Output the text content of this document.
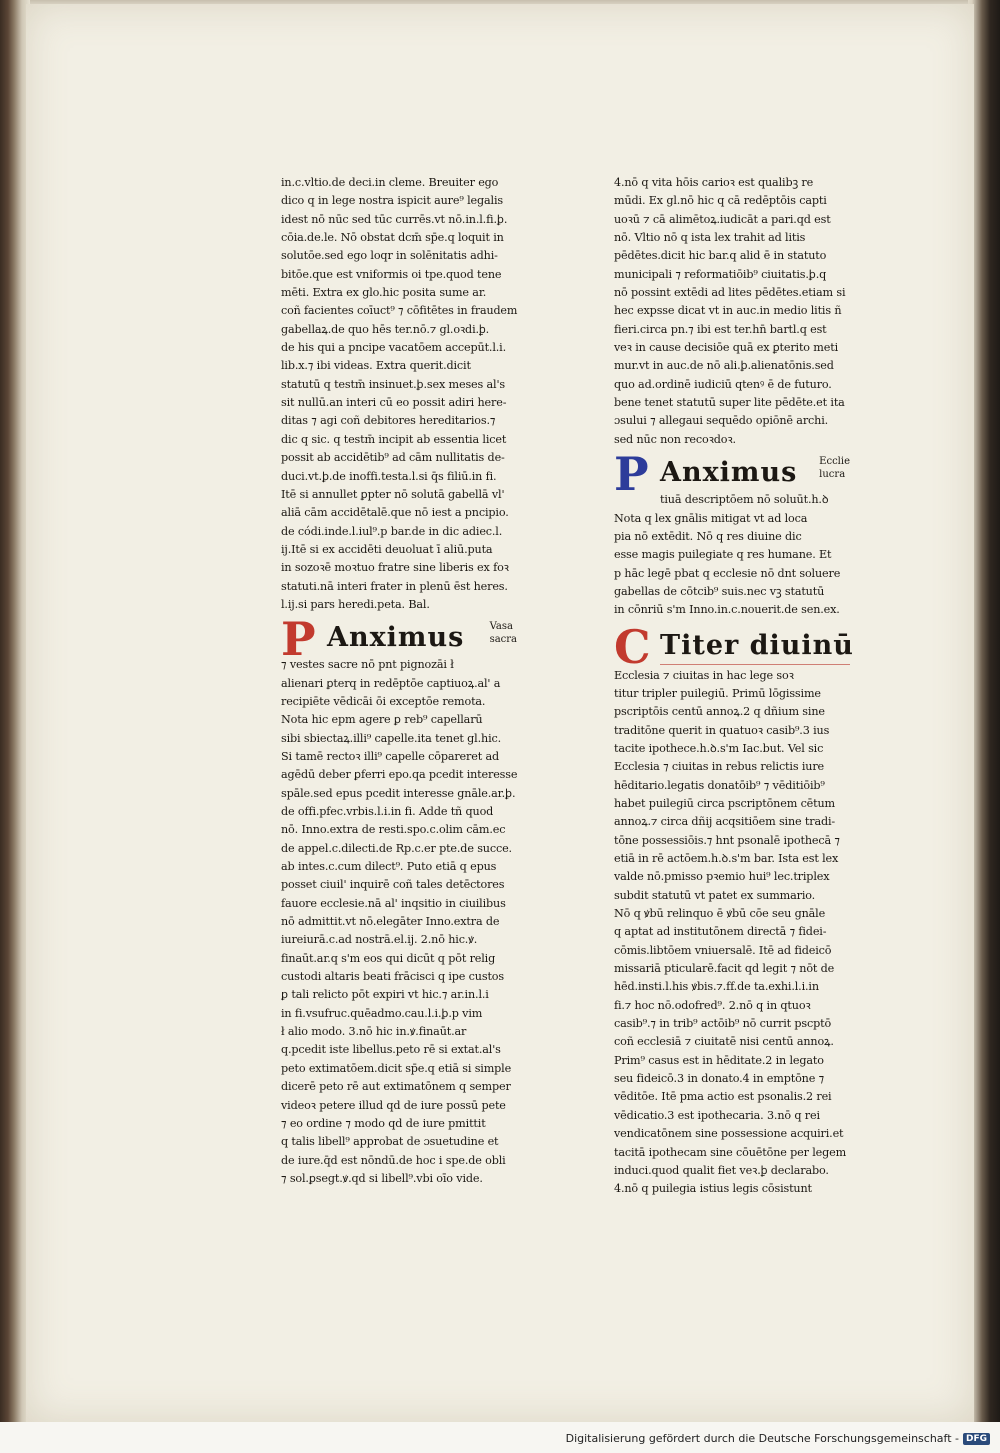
in.c.vltio.de deci.in cleme. Breuiter ego
dico q in lege nostra ispicit aure⁹ legalis
idest nō nūc sed tūc currēs.vt nō.in.l.fi.ꝧ.
cōia.de.le. Nō obstat dcm̄ sp̄e.q loquit in
solutōe.sed ego loqr in solēnitatis adhi-
bitōe.que est vniformis oi tpe.quod tene
mēti. Extra ex glo.hic posita sume ar.
coñ facientes coīuct⁹ ⁊ cōfitētes in fraudem
gabellaꝝ.de quo hēs ter.nō.⁊ gl.oꝛdi.ꝧ.
de his qui a pncipe vacatōem accepūt.l.i.
lib.x.⁊ ibi videas. Extra querit.dicit
statutū q testm̄ insinuet.ꝧ.sex meses al's
sit nullū.an interi cū eo possit adiri here-
ditas ⁊ agi coñ debitores hereditarios.⁊
dic q sic. q testm̄ incipit ab essentia licet
possit ab accidētib⁹ ad cām nullitatis de-
duci.vt.ꝧ.de inoffi.testa.l.si q̄s filiū.in fi.
Itē si annullet ꝑpter nō solutā gabellā vl'
aliā cām accidētalē.que nō iest a pncipio.
de códi.inde.l.iul⁹.p bar.de in dic adiec.l.
ij.Itē si ex accidēti deuoluat ī aliū.puta
in sozoꝛē moꝛtuo fratre sine liberis ex foꝛ
statuti.nā interi frater in plenū ēst heres.
l.ij.si pars heredi.peta. Bal.
P Anximus	Vasa
sacra
⁊ vestes sacre nō pnt pignozāi ł
alienari ꝑterq in redēptōe captiuoꝝ.al' a
recipiēte vēdicāi ōi exceptōe remota.
Nota hic epm agere ꝑ reb⁹ capellarū
sibi sbiectaꝝ.illi⁹ capelle.ita tenet gl.hic.
Si tamē rectoꝛ illi⁹ capelle cōpareret ad
agēdū deber ꝑferri epo.qa pcedit interesse
spāle.sed epus pcedit interesse gnāle.ar.ꝧ.
de offi.pfec.vrbis.l.i.in fi. Adde tñ quod
nō. Inno.extra de resti.spo.c.olim cām.ec
de appel.c.dilecti.de Rp.c.er pte.de succe.
ab intes.c.cum dilect⁹. Puto etiā q epus
posset ciuil' inquirē coñ tales detēctores
fauore ecclesie.nā al' inqsitio in ciuilibus
nō admittit.vt nō.elegāter Inno.extra de
iureiurā.c.ad nostrā.el.ij. 2.nō hic.ꝟ.
finaūt.ar.q s'm eos qui dicūt q pōt relig
custodi altaris beati frācisci q ipe custos
ꝑ tali relicto pōt expiri vt hic.⁊ ar.in.l.i
in fi.vsufruc.quēadmo.cau.l.i.ꝧ.p vim
ł alio modo. 3.nō hic in.ꝟ.finaūt.ar
q.pcedit iste libellus.peto rē si extat.al's
peto extimatōem.dicit sp̄e.q etiā si simple
dicerē peto rē aut extimatōnem q semper
videoꝛ petere illud qd de iure possū pete
⁊ eo ordine ⁊ modo qd de iure pmittit
q talis libell⁹ approbat de ɔsuetudine et
de iure.q̄d est nōndū.de hoc i spe.de obli
⁊ sol.ꝑsegt.ꝟ.qd si libell⁹.vbi oīo vide.
4.nō q vita hōis carioꝛ est qualibꝫ re
mūdi. Ex gl.nō hic q cā redēptōis capti
uoꝛū ⁊ cā alimētoꝝ.iudicāt a pari.qd est
nō. Vltio nō q ista lex trahit ad litis
pēdētes.dicit hic bar.q alid ē in statuto
municipali ⁊ reformatiōib⁹ ciuitatis.ꝧ.q
nō possint extēdi ad lites pēdētes.etiam si
hec expsse dicat vt in auc.in medio litis ñ
fieri.circa pn.⁊ ibi est ter.hn̄ bartl.q est
veꝛ in cause decisiōe quā ex ꝑterito meti
mur.vt in auc.de nō ali.ꝧ.alienatōnis.sed
quo ad.ordinē iudiciū qtenꝰ ē de futuro.
bene tenet statutū super lite pēdēte.et ita
ɔsului ⁊ allegaui sequēdo opiōnē archi.
sed nūc non recoꝛdoꝛ.
P Anximus Ecclie
lucra
tiuā descriptōem nō soluūt.h.ꝺ
Nota q lex gnālis mitigat vt ad loca
pia nō extēdit. Nō q res diuine dic
esse magis puilegiate q res humane. Et
p hāc legē pbat q ecclesie nō dnt soluere
gabellas de cōtcib⁹ suis.nec vꝫ statutū
in cōnriū s'm Inno.in.c.nouerit.de sen.ex.
C Titer diuinū
Ecclesia ⁊ ciuitas in hac lege soꝛ
titur tripler puilegiū. Primū lōgissime
pscriptōis centū annoꝝ.2 q dñium sine
traditōne querit in quatuoꝛ casib⁹.3 ius
tacite ipothece.h.ꝺ.s'm Iac.but. Vel sic
Ecclesia ⁊ ciuitas in rebus relictis iure
hēditario.legatis donatōib⁹ ⁊ vēditiōib⁹
habet puilegiū circa pscriptōnem cētum
annoꝝ.⁊ circa dñij acqsitiōem sine tradi-
tōne possessiōis.⁊ hnt psonalē ipothecā ⁊
etiā in rē actōem.h.ꝺ.s'm bar. Ista est lex
valde nō.pmisso pꝛemio hui⁹ lec.triplex
subdit statutū vt patet ex summario.
Nō q ꝟbū relinquo ē ꝟbū cōe seu gnāle
q aptat ad institutōnem directā ⁊ fidei-
cōmis.libtōem vniuersalē. Itē ad fideicō
missariā pticularē.facit qd legit ⁊ nōt de
hēd.insti.l.his ꝟbis.⁊.ff.de ta.exhi.l.i.in
fi.⁊ hoc nō.odofred⁹. 2.nō q in qtuoꝛ
casib⁹.⁊ in trib⁹ actōib⁹ nō currit pscptō
coñ ecclesiā ⁊ ciuitatē nisi centū annoꝝ.
Prim⁹ casus est in hēditate.2 in legato
seu fideicō.3 in donato.4 in emptōne ⁊
vēditōe. Itē pma actio est psonalis.2 rei
vēdicatio.3 est ipothecaria. 3.nō q rei
vendicatōnem sine possessione acquiri.et
tacitā ipothecam sine cōuētōne per legem
induci.quod qualit fiet veꝛ.ꝧ declarabo.
4.nō q puilegia istius legis cōsistunt
Digitalisierung gefördert durch die Deutsche Forschungsgemeinschaft - DFG
